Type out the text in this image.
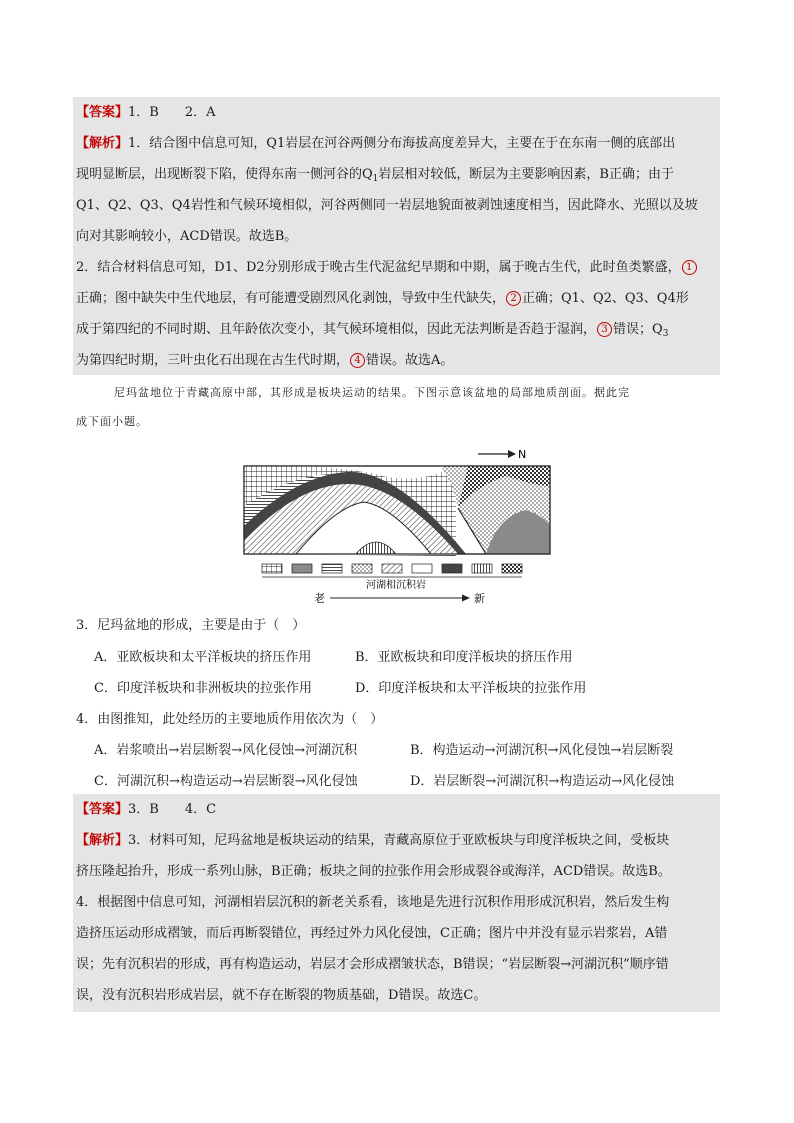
【答案】1．B　　2．A
【解析】1．结合图中信息可知，Q1岩层在河谷两侧分布海拔高度差异大，主要在于在东南一侧的底部出
现明显断层，出现断裂下陷，使得东南一侧河谷的$Q_1$岩层相对较低，断层为主要影响因素，B正确；由于
Q1、Q2、Q3、Q4岩性和气候环境相似，河谷两侧同一岩层地貌面被剥蚀速度相当，因此降水、光照以及坡
向对其影响较小，ACD错误。故选B。
2．结合材料信息可知，D1、D2分别形成于晚古生代泥盆纪早期和中期，属于晚古生代，此时鱼类繁盛， 1
正确；图中缺失中生代地层，有可能遭受剧烈风化剥蚀，导致中生代缺失， 2 正确；Q1、Q2、Q3、Q4形
成于第四纪的不同时期、且年龄依次变小，其气候环境相似，因此无法判断是否趋于湿润， 3 错误；$Q_3$
为第四纪时期，三叶虫化石出现在古生代时期， 4 错误。故选A。
尼玛盆地位于青藏高原中部，其形成是板块运动的结果。下图示意该盆地的局部地质剖面。据此完
成下面小题。
N
河湖相沉积岩
老	新
3．尼玛盆地的形成，主要是由于（　）
A．亚欧板块和太平洋板块的挤压作用	B．亚欧板块和印度洋板块的挤压作用
C．印度洋板块和非洲板块的拉张作用	D．印度洋板块和太平洋板块的拉张作用
4．由图推知，此处经历的主要地质作用依次为（　）
A．岩浆喷出→岩层断裂→风化侵蚀→河湖沉积	B．构造运动→河湖沉积→风化侵蚀→岩层断裂
C．河湖沉积→构造运动→岩层断裂→风化侵蚀	D．岩层断裂→河湖沉积→构造运动→风化侵蚀
【答案】3．B　　4．C
【解析】3．材料可知，尼玛盆地是板块运动的结果，青藏高原位于亚欧板块与印度洋板块之间，受板块
挤压隆起抬升，形成一系列山脉，B正确；板块之间的拉张作用会形成裂谷或海洋，ACD错误。故选B。
4．根据图中信息可知，河湖相岩层沉积的新老关系看，该地是先进行沉积作用形成沉积岩，然后发生构
造挤压运动形成褶皱，而后再断裂错位，再经过外力风化侵蚀，C正确；图片中并没有显示岩浆岩，A错
误；先有沉积岩的形成，再有构造运动，岩层才会形成褶皱状态，B错误；“岩层断裂→河湖沉积”顺序错
误，没有沉积岩形成岩层，就不存在断裂的物质基础，D错误。故选C。
